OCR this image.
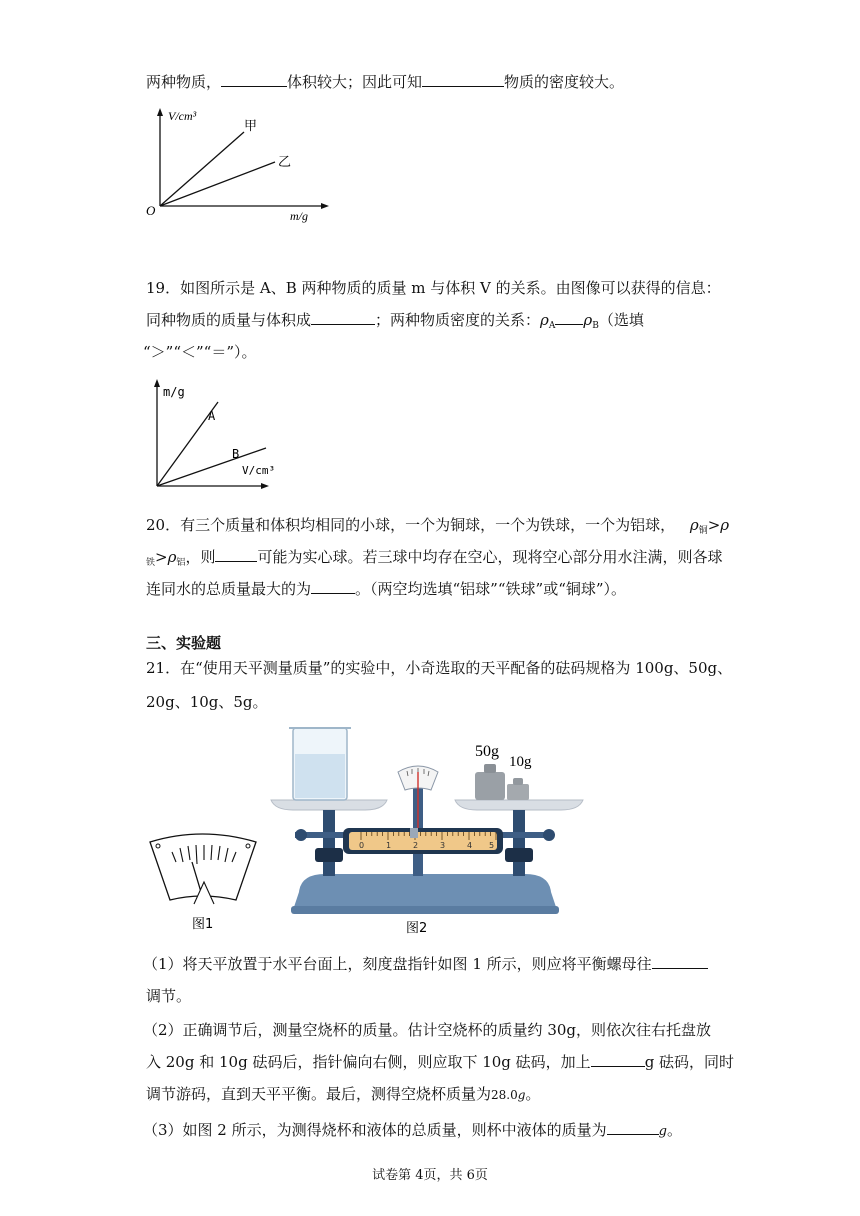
两种物质，	体积较大；因此可知	物质的密度较大。
V/cm³
O	m/g
甲
乙
19．如图所示是 A、B 两种物质的质量 m 与体积 V 的关系。由图像可以获得的信息：
同种物质的质量与体积成	；两种物质密度的关系：$\rho_A$ $\rho_B$（选填
“＞”“＜”“＝”）。
m/g
A
B
V/cm³
20．有三个质量和体积均相同的小球，一个为铜球，一个为铁球，一个为铝球， $\rho_铜>\rho$
$_铁>\rho_铝$，则	可能为实心球。若三球中均存在空心，现将空心部分用水注满，则各球
连同水的总质量最大的为	。（两空均选填“铝球”“铁球”或“铜球”）。
三、实验题
21．在“使用天平测量质量”的实验中，小奇选取的天平配备的砝码规格为 100g、50g、
20g、10g、5g。
图1
0	1	2	3	4 5
50g
10g
图2
（1）将天平放置于水平台面上，刻度盘指针如图 1 所示，则应将平衡螺母往
调节。
（2）正确调节后，测量空烧杯的质量。估计空烧杯的质量约 30g，则依次往右托盘放
入 20g 和 10g 砝码后，指针偏向右侧，则应取下 10g 砝码，加上	g 砝码，同时
调节游码，直到天平平衡。最后，测得空烧杯质量为28.0g。
（3）如图 2 所示，为测得烧杯和液体的总质量，则杯中液体的质量为	g。
试卷第 4页，共 6页
